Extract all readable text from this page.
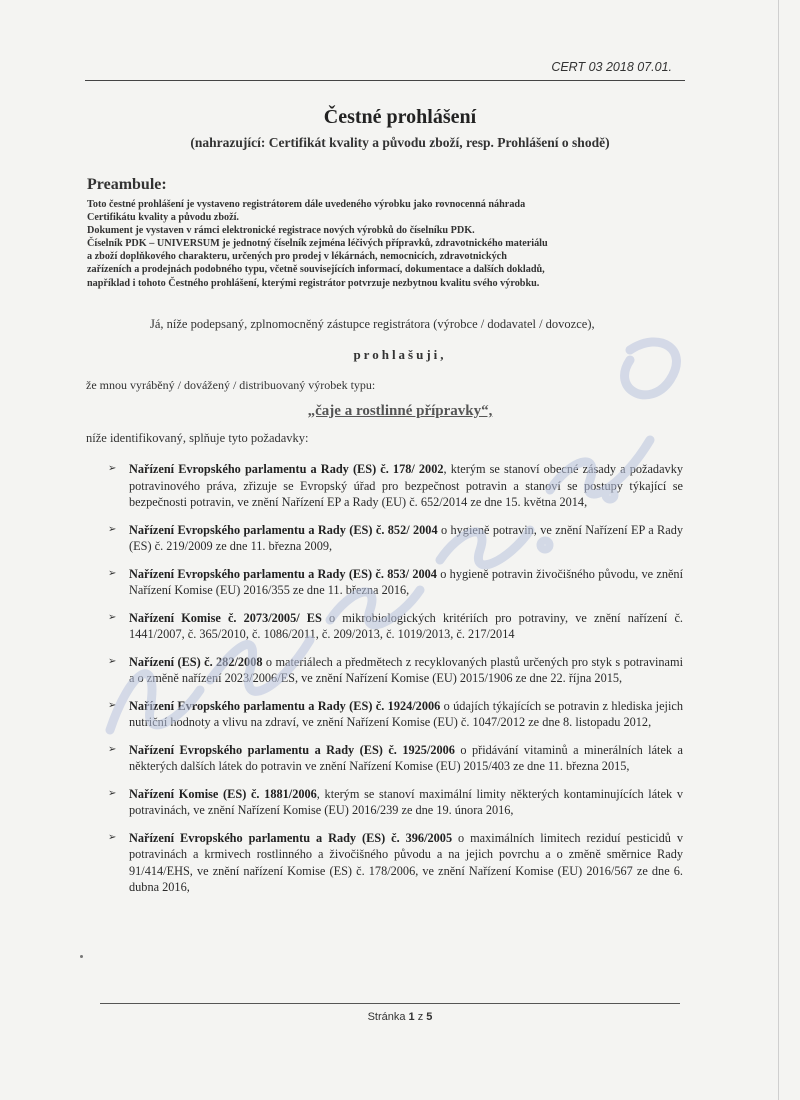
CERT 03 2018 07.01.
Čestné prohlášení
(nahrazující: Certifikát kvality a původu zboží, resp. Prohlášení o shodě)
Preambule:

Toto čestné prohlášení je vystaveno registrátorem dále uvedeného výrobku jako rovnocenná náhrada

Certifikátu kvality a původu zboží.

Dokument je vystaven v rámci elektronické registrace nových výrobků do číselníku PDK.

Číselník PDK – UNIVERSUM je jednotný číselník zejména léčivých přípravků, zdravotnického materiálu

a zboží doplňkového charakteru, určených pro prodej v lékárnách, nemocnicích, zdravotnických

zařízeních a prodejnách podobného typu, včetně souvisejících informací, dokumentace a dalších dokladů,

například i tohoto Čestného prohlášení, kterými registrátor potvrzuje nezbytnou kvalitu svého výrobku.

Já, níže podepsaný, zplnomocněný zástupce registrátora (výrobce / dodavatel / dovozce),
prohlašuji,
že mnou vyráběný / dovážený / distribuovaný výrobek typu:
„čaje a rostlinné přípravky“,
níže identifikovaný, splňuje tyto požadavky:
➢ Nařízení Evropského parlamentu a Rady (ES) č. 178/ 2002, kterým se stanoví obecné zásady a požadavky potravinového práva, zřizuje se Evropský úřad pro bezpečnost potravin a stanoví se postupy týkající se bezpečnosti potravin, ve znění Nařízení EP a Rady (EU) č. 652/2014 ze dne 15. května 2014,
➢ Nařízení Evropského parlamentu a Rady (ES) č. 852/ 2004 o hygieně potravin, ve znění Nařízení EP a Rady (ES) č. 219/2009 ze dne 11. března 2009,
➢ Nařízení Evropského parlamentu a Rady (ES) č. 853/ 2004 o hygieně potravin živočišného původu, ve znění Nařízení Komise (EU) 2016/355 ze dne 11. března 2016,
➢ Nařízení Komise č. 2073/2005/ ES o mikrobiologických kritériích pro potraviny, ve znění nařízení č. 1441/2007, č. 365/2010, č. 1086/2011, č. 209/2013, č. 1019/2013, č. 217/2014
➢ Nařízení (ES) č. 282/2008 o materiálech a předmětech z recyklovaných plastů určených pro styk s potravinami a o změně nařízení 2023/2006/ES, ve znění Nařízení Komise (EU) 2015/1906 ze dne 22. října 2015,
➢ Nařízení Evropského parlamentu a Rady (ES) č. 1924/2006 o údajích týkajících se potravin z hlediska jejich nutriční hodnoty a vlivu na zdraví, ve znění Nařízení Komise (EU) č. 1047/2012 ze dne 8. listopadu 2012,
➢ Nařízení Evropského parlamentu a Rady (ES) č. 1925/2006 o přidávání vitaminů a minerálních látek a některých dalších látek do potravin ve znění Nařízení Komise (EU) 2015/403 ze dne 11. března 2015,
➢ Nařízení Komise (ES) č. 1881/2006, kterým se stanoví maximální limity některých kontaminujících látek v potravinách, ve znění Nařízení Komise (EU) 2016/239 ze dne 19. února 2016,
➢ Nařízení Evropského parlamentu a Rady (ES) č. 396/2005 o maximálních limitech reziduí pesticidů v potravinách a krmivech rostlinného a živočišného původu a na jejich povrchu a o změně směrnice Rady 91/414/EHS, ve znění nařízení Komise (ES) č. 178/2006, ve znění Nařízení Komise (EU) 2016/567 ze dne 6. dubna 2016,
Stránka 1 z 5
